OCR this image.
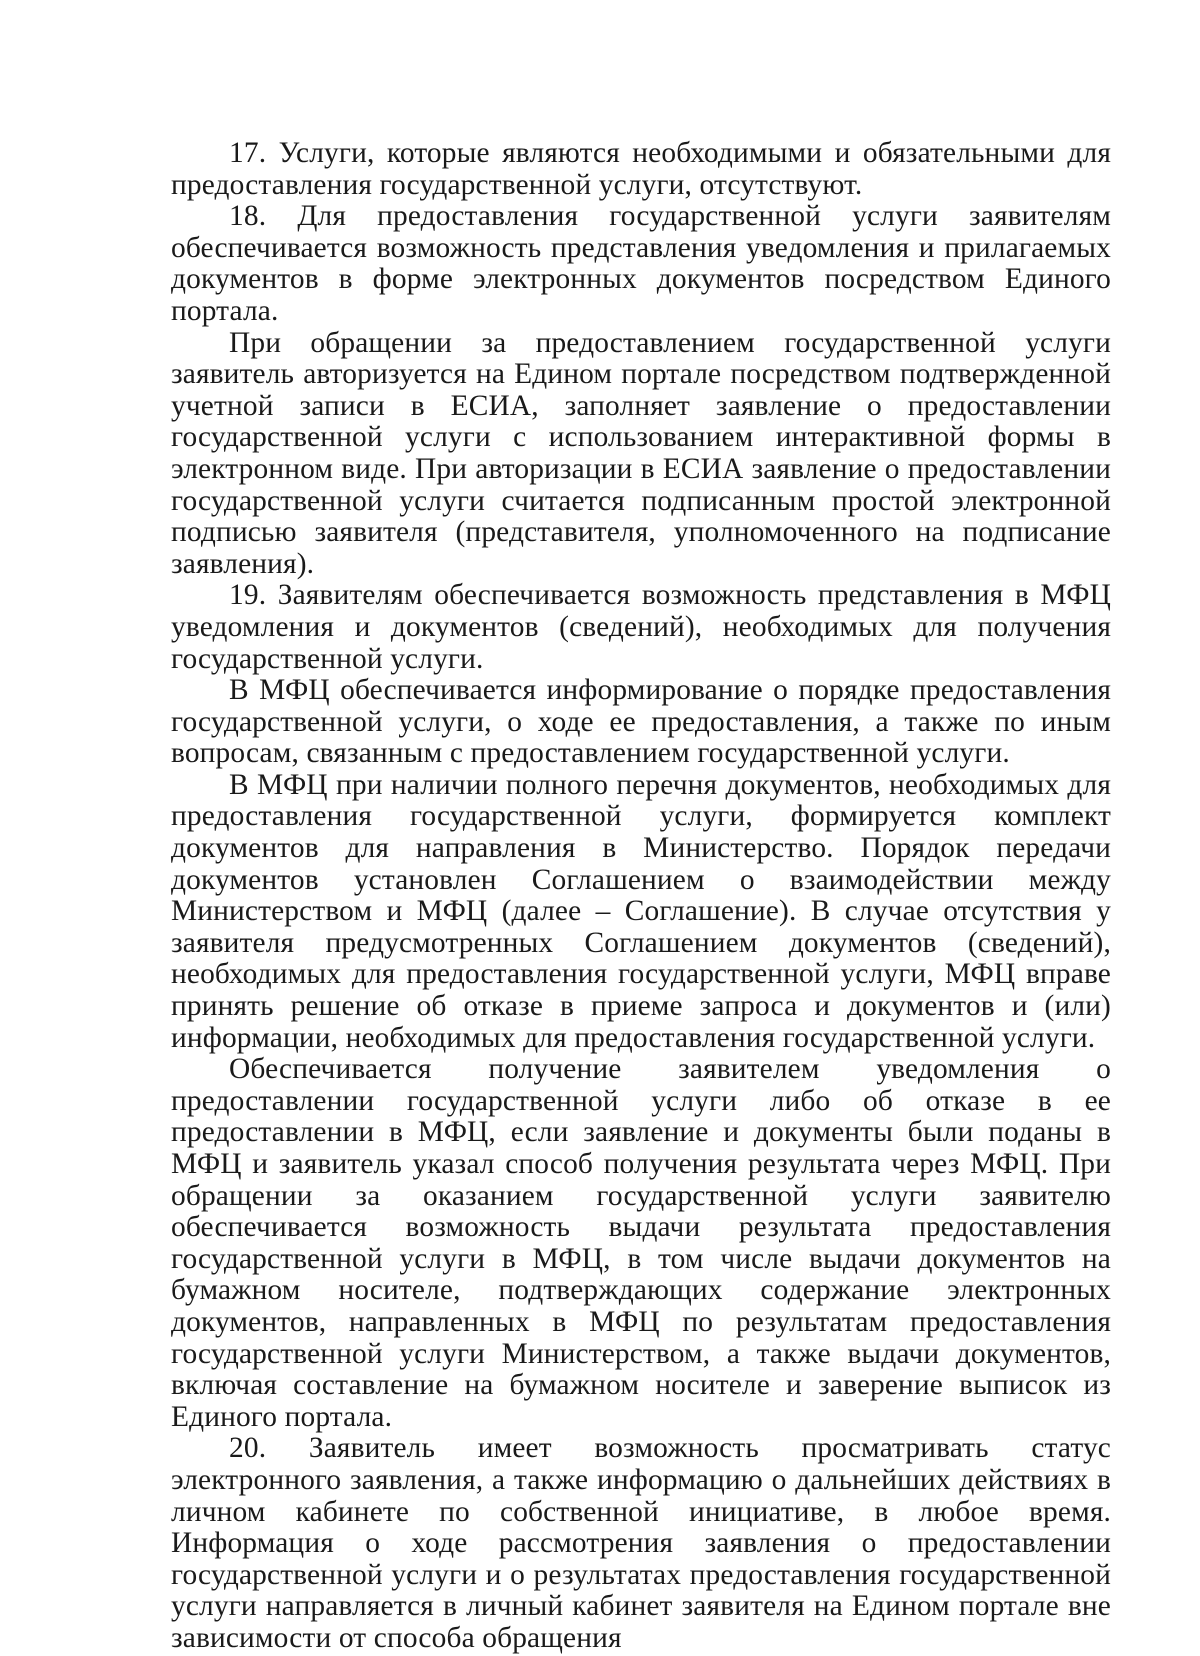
17. Услуги, которые являются необходимыми и обязательными для предоставления государственной услуги, отсутствуют.

18. Для предоставления государственной услуги заявителям обеспечивается возможность представления уведомления и прилагаемых документов в форме электронных документов посредством Единого портала.

При обращении за предоставлением государственной услуги заявитель авторизуется на Едином портале посредством подтвержденной учетной записи в ЕСИА, заполняет заявление о предоставлении государственной услуги с использованием интерактивной формы в электронном виде. При авторизации в ЕСИА заявление о предоставлении государственной услуги считается подписанным простой электронной подписью заявителя (представителя, уполномоченного на подписание заявления).

19. Заявителям обеспечивается возможность представления в МФЦ уведомления и документов (сведений), необходимых для получения государственной услуги.

В МФЦ обеспечивается информирование о порядке предоставления государственной услуги, о ходе ее предоставления, а также по иным вопросам, связанным с предоставлением государственной услуги.

В МФЦ при наличии полного перечня документов, необходимых для предоставления государственной услуги, формируется комплект документов для направления в Министерство. Порядок передачи документов установлен Соглашением о взаимодействии между Министерством и МФЦ (далее – Соглашение). В случае отсутствия у заявителя предусмотренных Соглашением документов (сведений), необходимых для предоставления государственной услуги, МФЦ вправе принять решение об отказе в приеме запроса и документов и (или) информации, необходимых для предоставления государственной услуги.

Обеспечивается получение заявителем уведомления о предоставлении государственной услуги либо об отказе в ее предоставлении в МФЦ, если заявление и документы были поданы в МФЦ и заявитель указал способ получения результата через МФЦ. При обращении за оказанием государственной услуги заявителю обеспечивается возможность выдачи результата предоставления государственной услуги в МФЦ, в том числе выдачи документов на бумажном носителе, подтверждающих содержание электронных документов, направленных в МФЦ по результатам предоставления государственной услуги Министерством, а также выдачи документов, включая составление на бумажном носителе и заверение выписок из Единого портала.

20. Заявитель имеет возможность просматривать статус электронного заявления, а также информацию о дальнейших действиях в личном кабинете по собственной инициативе, в любое время. Информация о ходе рассмотрения заявления о предоставлении государственной услуги и о результатах предоставления государственной услуги направляется в личный кабинет заявителя на Едином портале вне зависимости от способа обращения
